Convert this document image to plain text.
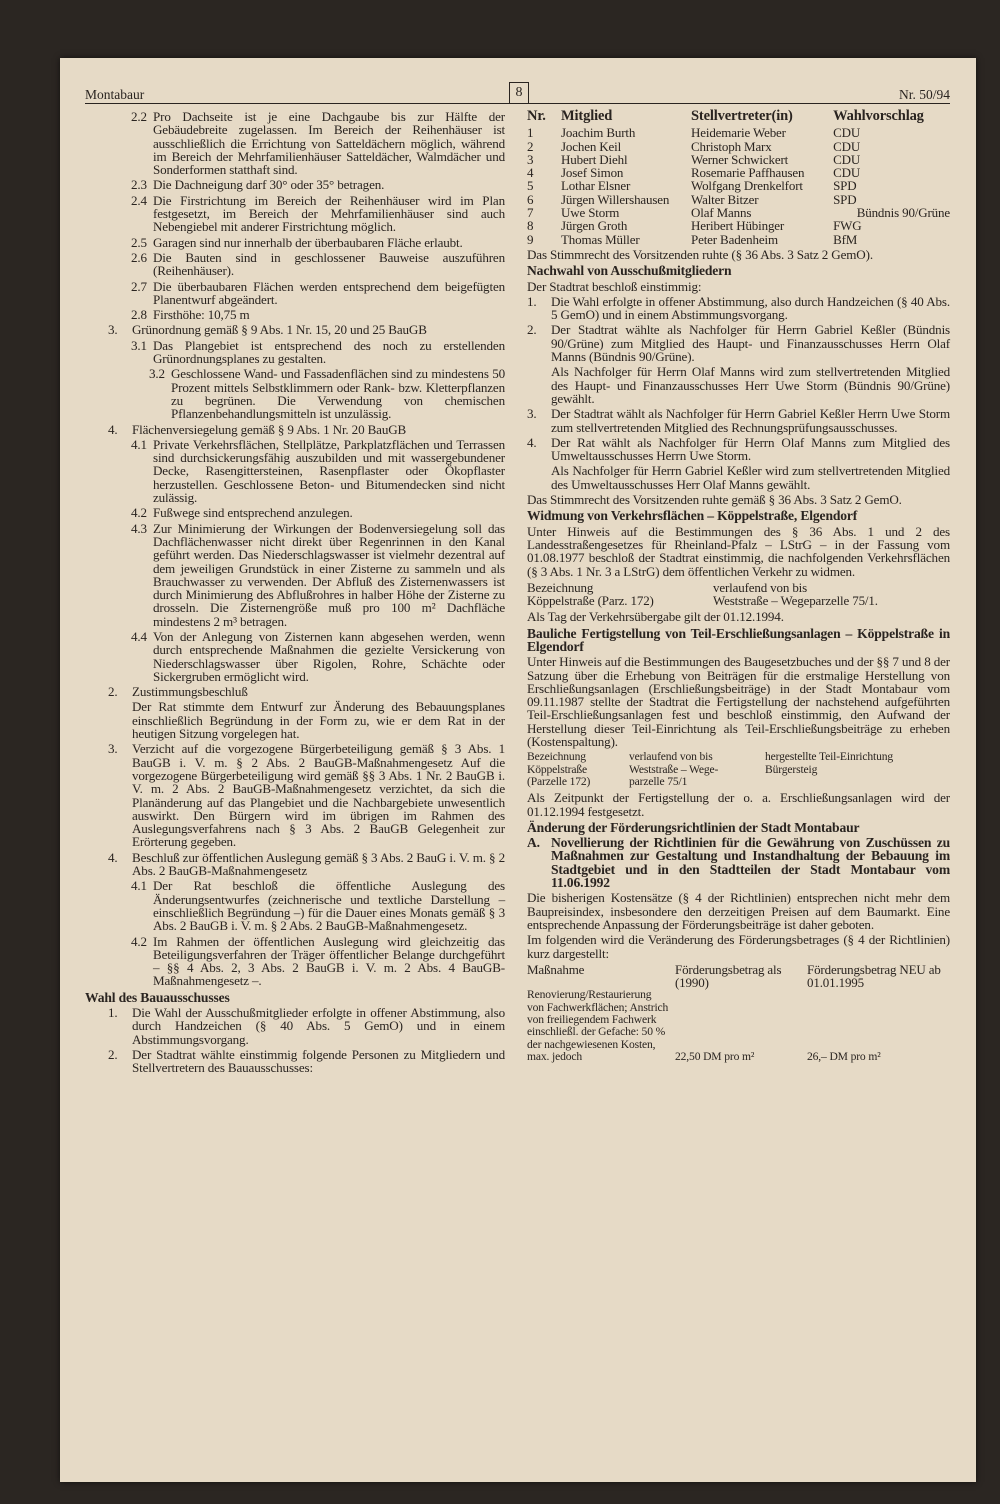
Montabaur	8	Nr. 50/94
2.2 Pro Dachseite ist je eine Dachgaube bis zur Hälfte der Gebäudebreite zugelassen. Im Bereich der Reihenhäuser ist ausschließlich die Errichtung von Satteldächern möglich, während im Bereich der Mehrfamilienhäuser Satteldächer, Walmdächer und Sonderformen statthaft sind.
2.3 Die Dachneigung darf 30° oder 35° betragen.
2.4 Die Firstrichtung im Bereich der Reihenhäuser wird im Plan festgesetzt, im Bereich der Mehrfamilienhäuser sind auch Nebengiebel mit anderer Firstrichtung möglich.
2.5 Garagen sind nur innerhalb der überbaubaren Fläche erlaubt.
2.6 Die Bauten sind in geschlossener Bauweise auszuführen (Reihenhäuser).
2.7 Die überbaubaren Flächen werden entsprechend dem beigefügten Planentwurf abgeändert.
2.8 Firsthöhe: 10,75 m
3.	Grünordnung gemäß § 9 Abs. 1 Nr. 15, 20 und 25 BauGB
3.1 Das Plangebiet ist entsprechend des noch zu erstellenden Grünordnungsplanes zu gestalten.
3.2 Geschlossene Wand- und Fassadenflächen sind zu mindestens 50 Prozent mittels Selbstklimmern oder Rank- bzw. Kletterpflanzen zu begrünen. Die Verwendung von chemischen Pflanzenbehandlungsmitteln ist unzulässig.
4.	Flächenversiegelung gemäß § 9 Abs. 1 Nr. 20 BauGB
4.1 Private Verkehrsflächen, Stellplätze, Parkplatzflächen und Terrassen sind durchsickerungsfähig auszubilden und mit wassergebundener Decke, Rasengittersteinen, Rasenpflaster oder Ökopflaster herzustellen. Geschlossene Beton- und Bitumendecken sind nicht zulässig.
4.2 Fußwege sind entsprechend anzulegen.
4.3 Zur Minimierung der Wirkungen der Bodenversiegelung soll das Dachflächenwasser nicht direkt über Regenrinnen in den Kanal geführt werden. Das Niederschlagswasser ist vielmehr dezentral auf dem jeweiligen Grundstück in einer Zisterne zu sammeln und als Brauchwasser zu verwenden. Der Abfluß des Zisternenwassers ist durch Minimierung des Abflußrohres in halber Höhe der Zisterne zu drosseln. Die Zisternengröße muß pro 100 m² Dachfläche mindestens 2 m³ betragen.
4.4 Von der Anlegung von Zisternen kann abgesehen werden, wenn durch entsprechende Maßnahmen die gezielte Versickerung von Niederschlagswasser über Rigolen, Rohre, Schächte oder Sickergruben ermöglicht wird.
2.	Zustimmungsbeschluß
Der Rat stimmte dem Entwurf zur Änderung des Bebauungsplanes einschließlich Begründung in der Form zu, wie er dem Rat in der heutigen Sitzung vorgelegen hat.
3.	Verzicht auf die vorgezogene Bürgerbeteiligung gemäß § 3 Abs. 1 BauGB i. V. m. § 2 Abs. 2 BauGB-Maßnahmengesetz Auf die vorgezogene Bürgerbeteiligung wird gemäß §§ 3 Abs. 1 Nr. 2 BauGB i. V. m. 2 Abs. 2 BauGB-Maßnahmengesetz verzichtet, da sich die Planänderung auf das Plangebiet und die Nachbargebiete unwesentlich auswirkt. Den Bürgern wird im übrigen im Rahmen des Auslegungsverfahrens nach § 3 Abs. 2 BauGB Gelegenheit zur Erörterung gegeben.
4.	Beschluß zur öffentlichen Auslegung gemäß § 3 Abs. 2 BauG i. V. m. § 2 Abs. 2 BauGB-Maßnahmengesetz
4.1 Der Rat beschloß die öffentliche Auslegung des Änderungsentwurfes (zeichnerische und textliche Darstellung – einschließlich Begründung –) für die Dauer eines Monats gemäß § 3 Abs. 2 BauGB i. V. m. § 2 Abs. 2 BauGB-Maßnahmengesetz.
4.2 Im Rahmen der öffentlichen Auslegung wird gleichzeitig das Beteiligungsverfahren der Träger öffentlicher Belange durchgeführt – §§ 4 Abs. 2, 3 Abs. 2 BauGB i. V. m. 2 Abs. 4 BauGB-Maßnahmengesetz –.
Wahl des Bauausschusses
1.	Die Wahl der Ausschußmitglieder erfolgte in offener Abstimmung, also durch Handzeichen (§ 40 Abs. 5 GemO) und in einem Abstimmungsvorgang.
2.	Der Stadtrat wählte einstimmig folgende Personen zu Mitgliedern und Stellvertretern des Bauausschusses:
Nr.	Mitglied	Stellvertreter(in)	Wahlvorschlag
1	Joachim Burth	Heidemarie Weber	CDU
2	Jochen Keil	Christoph Marx	CDU
3	Hubert Diehl	Werner Schwickert	CDU
4	Josef Simon	Rosemarie Paffhausen	CDU
5	Lothar Elsner	Wolfgang Drenkelfort	SPD
6	Jürgen Willershausen	Walter Bitzer	SPD
7	Uwe Storm	Olaf Manns	Bündnis 90/Grüne
8	Jürgen Groth	Heribert Hübinger	FWG
9	Thomas Müller	Peter Badenheim	BfM
Das Stimmrecht des Vorsitzenden ruhte (§ 36 Abs. 3 Satz 2 GemO).
Nachwahl von Ausschußmitgliedern
Der Stadtrat beschloß einstimmig:
1.	Die Wahl erfolgte in offener Abstimmung, also durch Handzeichen (§ 40 Abs. 5 GemO) und in einem Abstimmungsvorgang.
2.	Der Stadtrat wählte als Nachfolger für Herrn Gabriel Keßler (Bündnis 90/Grüne) zum Mitglied des Haupt- und Finanzausschusses Herrn Olaf Manns (Bündnis 90/Grüne).
Als Nachfolger für Herrn Olaf Manns wird zum stellvertretenden Mitglied des Haupt- und Finanzausschusses Herr Uwe Storm (Bündnis 90/Grüne) gewählt.
3.	Der Stadtrat wählt als Nachfolger für Herrn Gabriel Keßler Herrn Uwe Storm zum stellvertretenden Mitglied des Rechnungsprüfungsausschusses.
4.	Der Rat wählt als Nachfolger für Herrn Olaf Manns zum Mitglied des Umweltausschusses Herrn Uwe Storm.
Als Nachfolger für Herrn Gabriel Keßler wird zum stellvertretenden Mitglied des Umweltausschusses Herr Olaf Manns gewählt.
Das Stimmrecht des Vorsitzenden ruhte gemäß § 36 Abs. 3 Satz 2 GemO.
Widmung von Verkehrsflächen – Köppelstraße, Elgendorf
Unter Hinweis auf die Bestimmungen des § 36 Abs. 1 und 2 des Landesstraßengesetzes für Rheinland-Pfalz – LStrG – in der Fassung vom 01.08.1977 beschloß der Stadtrat einstimmig, die nachfolgenden Verkehrsflächen (§ 3 Abs. 1 Nr. 3 a LStrG) dem öffentlichen Verkehr zu widmen.
Bezeichnung	verlaufend von bis
Köppelstraße (Parz. 172)	Weststraße – Wegeparzelle 75/1.
Als Tag der Verkehrsübergabe gilt der 01.12.1994.
Bauliche Fertigstellung von Teil-Erschließungsanlagen – Köppelstraße in Elgendorf
Unter Hinweis auf die Bestimmungen des Baugesetzbuches und der §§ 7 und 8 der Satzung über die Erhebung von Beiträgen für die erstmalige Herstellung von Erschließungsanlagen (Erschließungsbeiträge) in der Stadt Montabaur vom 09.11.1987 stellte der Stadtrat die Fertigstellung der nachstehend aufgeführten Teil-Erschließungsanlagen fest und beschloß einstimmig, den Aufwand der Herstellung dieser Teil-Einrichtung als Teil-Erschließungsbeiträge zu erheben (Kostenspaltung).
Bezeichnung	verlaufend von bis	hergestellte Teil-Einrichtung
Köppelstraße	Weststraße – Wege-	Bürgersteig
(Parzelle 172)	parzelle 75/1	
Als Zeitpunkt der Fertigstellung der o. a. Erschließungsanlagen wird der 01.12.1994 festgesetzt.
Änderung der Förderungsrichtlinien der Stadt Montabaur
A. Novellierung der Richtlinien für die Gewährung von Zuschüssen zu Maßnahmen zur Gestaltung und Instandhaltung der Bebauung im Stadtgebiet und in den Stadtteilen der Stadt Montabaur vom 11.06.1992
Die bisherigen Kostensätze (§ 4 der Richtlinien) entsprechen nicht mehr dem Baupreisindex, insbesondere den derzeitigen Preisen auf dem Baumarkt. Eine entsprechende Anpassung der Förderungsbeiträge ist daher geboten.
Im folgenden wird die Veränderung des Förderungsbetrages (§ 4 der Richtlinien) kurz dargestellt:
Maßnahme	Förderungsbetrag als (1990)	Förderungsbetrag NEU ab 01.01.1995
Renovierung/Restaurierung von Fachwerkflächen; Anstrich von freiliegendem Fachwerk einschließl. der Gefache: 50 % der nachgewiesenen Kosten, max. jedoch	22,50 DM pro m²	26,– DM pro m²
